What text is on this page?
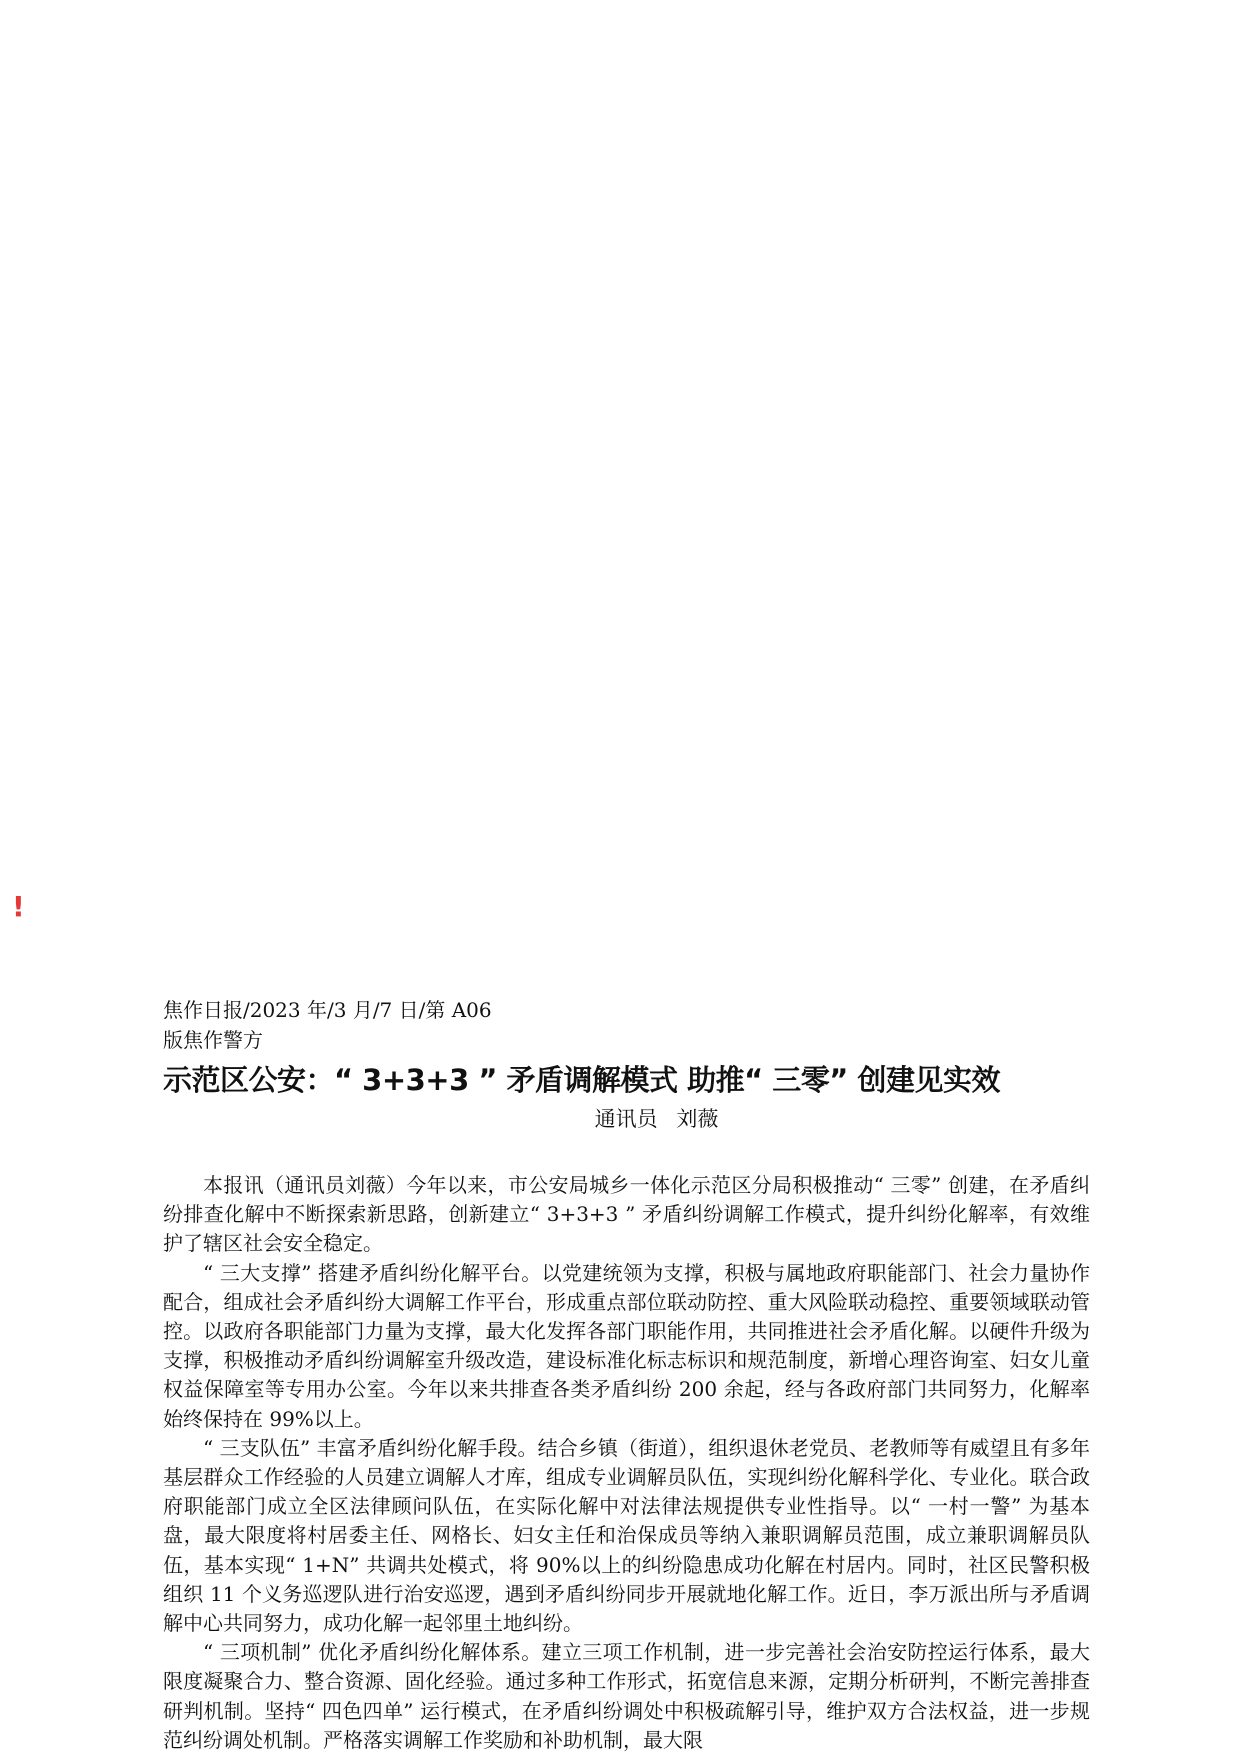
!
焦作日报/2023 年/3 月/7 日/第 A06
版焦作警方
示范区公安：“ 3+3+3 ” 矛盾调解模式 助推“ 三零” 创建见实效
通讯员 刘薇

本报讯（通讯员刘薇）今年以来，市公安局城乡一体化示范区分局积极推动“ 三零” 创建，在矛盾纠纷排查化解中不断探索新思路，创新建立“ 3+3+3 ” 矛盾纠纷调解工作模式，提升纠纷化解率，有效维护了辖区社会安全稳定。

“ 三大支撑” 搭建矛盾纠纷化解平台。以党建统领为支撑，积极与属地政府职能部门、社会力量协作配合，组成社会矛盾纠纷大调解工作平台，形成重点部位联动防控、重大风险联动稳控、重要领域联动管控。以政府各职能部门力量为支撑，最大化发挥各部门职能作用，共同推进社会矛盾化解。以硬件升级为支撑，积极推动矛盾纠纷调解室升级改造，建设标准化标志标识和规范制度，新增心理咨询室、妇女儿童权益保障室等专用办公室。今年以来共排查各类矛盾纠纷 200 余起，经与各政府部门共同努力，化解率始终保持在 99%以上。

“ 三支队伍” 丰富矛盾纠纷化解手段。结合乡镇（街道），组织退休老党员、老教师等有威望且有多年基层群众工作经验的人员建立调解人才库，组成专业调解员队伍，实现纠纷化解科学化、专业化。联合政府职能部门成立全区法律顾问队伍，在实际化解中对法律法规提供专业性指导。以“ 一村一警” 为基本盘，最大限度将村居委主任、网格长、妇女主任和治保成员等纳入兼职调解员范围，成立兼职调解员队伍，基本实现“ 1+N” 共调共处模式，将 90%以上的纠纷隐患成功化解在村居内。同时，社区民警积极组织 11 个义务巡逻队进行治安巡逻，遇到矛盾纠纷同步开展就地化解工作。近日，李万派出所与矛盾调解中心共同努力，成功化解一起邻里土地纠纷。

“ 三项机制” 优化矛盾纠纷化解体系。建立三项工作机制，进一步完善社会治安防控运行体系，最大限度凝聚合力、整合资源、固化经验。通过多种工作形式，拓宽信息来源，定期分析研判，不断完善排查研判机制。坚持“ 四色四单” 运行模式，在矛盾纠纷调处中积极疏解引导，维护双方合法权益，进一步规范纠纷调处机制。严格落实调解工作奖励和补助机制，最大限
